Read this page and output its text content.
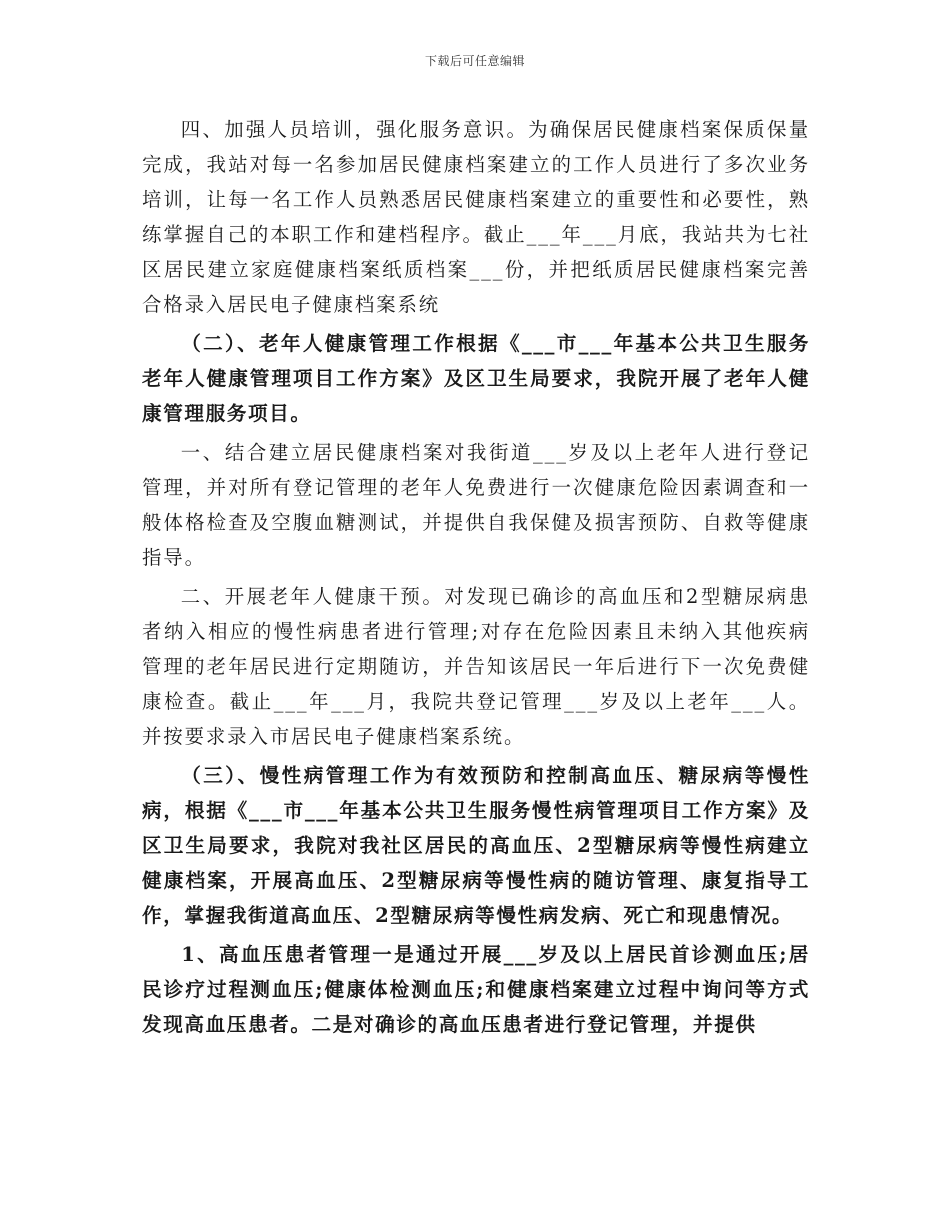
下载后可任意编辑

四、加强人员培训，强化服务意识。为确保居民健康档案保质保量完成，我站对每一名参加居民健康档案建立的工作人员进行了多次业务培训，让每一名工作人员熟悉居民健康档案建立的重要性和必要性，熟练掌握自己的本职工作和建档程序。截止___年___月底，我站共为七社区居民建立家庭健康档案纸质档案___份，并把纸质居民健康档案完善合格录入居民电子健康档案系统

（二）、老年人健康管理工作根据《___市___年基本公共卫生服务老年人健康管理项目工作方案》及区卫生局要求，我院开展了老年人健康管理服务项目。

一、结合建立居民健康档案对我街道___岁及以上老年人进行登记管理，并对所有登记管理的老年人免费进行一次健康危险因素调查和一般体格检查及空腹血糖测试，并提供自我保健及损害预防、自救等健康指导。

二、开展老年人健康干预。对发现已确诊的高血压和2型糖尿病患者纳入相应的慢性病患者进行管理;对存在危险因素且未纳入其他疾病管理的老年居民进行定期随访，并告知该居民一年后进行下一次免费健康检查。截止___年___月，我院共登记管理___岁及以上老年___人。并按要求录入市居民电子健康档案系统。

（三）、慢性病管理工作为有效预防和控制高血压、糖尿病等慢性病，根据《___市___年基本公共卫生服务慢性病管理项目工作方案》及区卫生局要求，我院对我社区居民的高血压、2型糖尿病等慢性病建立健康档案，开展高血压、2型糖尿病等慢性病的随访管理、康复指导工作，掌握我街道高血压、2型糖尿病等慢性病发病、死亡和现患情况。

1、高血压患者管理一是通过开展___岁及以上居民首诊测血压;居民诊疗过程测血压;健康体检测血压;和健康档案建立过程中询问等方式发现高血压患者。二是对确诊的高血压患者进行登记管理，并提供
